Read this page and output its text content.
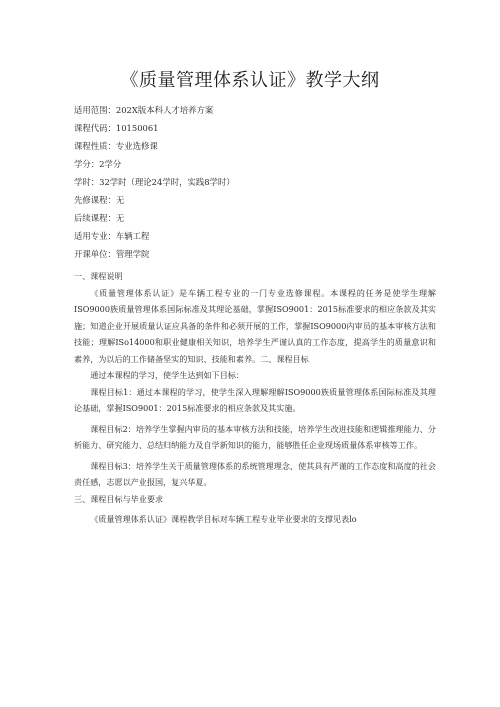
《质量管理体系认证》教学大纲
适用范围：202X版本科人才培养方案
课程代码：10150061
课程性质：专业选修课
学分：2学分
学时：32学时（理论24学时，实践8学时）
先修课程：无
后续课程：无
适用专业：车辆工程
开课单位：管理学院

一、课程说明

《质量管理体系认证》是车辆工程专业的一门专业选修课程。本课程的任务是使学生理解ISO9000族质量管理体系国际标准及其理论基础，掌握ISO9001：2015标准要求的相应条款及其实施；知道企业开展质量认证应具备的条件和必须开展的工作，掌握ISO9000内审员的基本审核方法和技能；理解ISo14000和职业健康相关知识，培养学生严谨认真的工作态度，提高学生的质量意识和素养，为以后的工作储备坚实的知识、技能和素养。二、课程目标

通过本课程的学习，使学生达到如下目标：

课程目标1：通过本课程的学习，使学生深入理解理解ISO9000族质量管理体系国际标准及其理论基础，掌握ISO9001：2015标准要求的相应条款及其实施。

课程目标2：培养学生掌握内审员的基本审核方法和技能，培养学生改进技能和逻辑推理能力、分析能力、研究能力、总结归纳能力及自学新知识的能力，能够胜任企业现场质量体系审核等工作。

课程目标3：培养学生关于质量管理体系的系统管理理念，使其具有严谨的工作态度和高度的社会责任感，志愿以产业报国，复兴华夏。

三、课程目标与毕业要求

《质量管理体系认证》课程教学目标对车辆工程专业毕业要求的支撑见表lo
